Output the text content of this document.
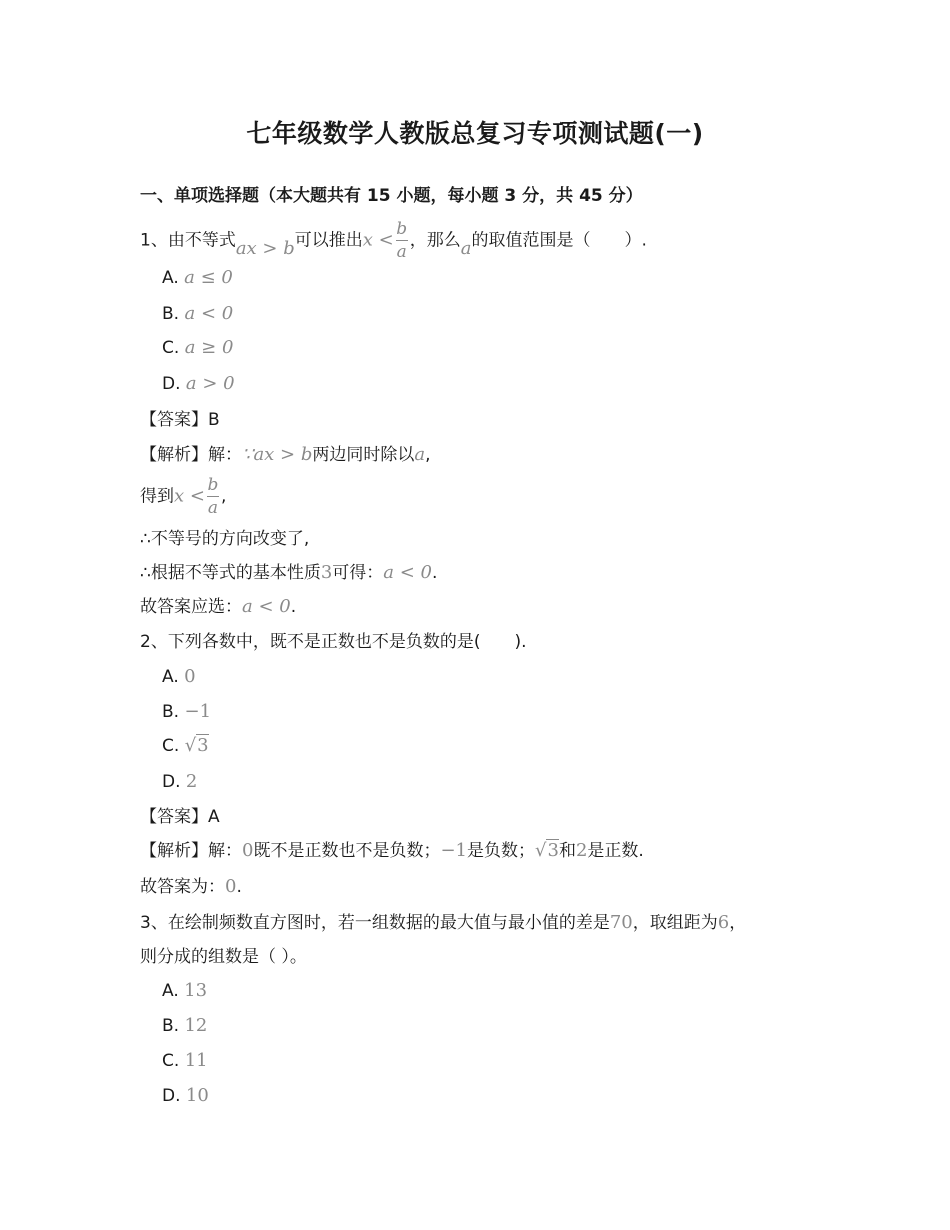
七年级数学人教版总复习专项测试题(一)
一、单项选择题（本大题共有 15 小题，每小题 3 分，共 45 分）
1、由不等式ax > b可以推出$x < \frac{b}{a}$ ，那么a的取值范围是（　　）.
A. a ≤ 0
B. a < 0
C. a ≥ 0
D. a > 0
【答案】B
【解析】解：∵ax > b两边同时除以a,
得到$x < \frac{b}{a}$ ,
∴不等号的方向改变了,
∴根据不等式的基本性质3可得：a < 0.
故答案应选：a < 0.
2、下列各数中，既不是正数也不是负数的是(　　).
A. 0
B. −1
C. √3
D. 2
【答案】A
【解析】解：0既不是正数也不是负数；−1是负数；√3和2是正数.
故答案为：0.
3、在绘制频数直方图时，若一组数据的最大值与最小值的差是70，取组距为6，
则分成的组数是（ ）。
A. 13
B. 12
C. 11
D. 10
